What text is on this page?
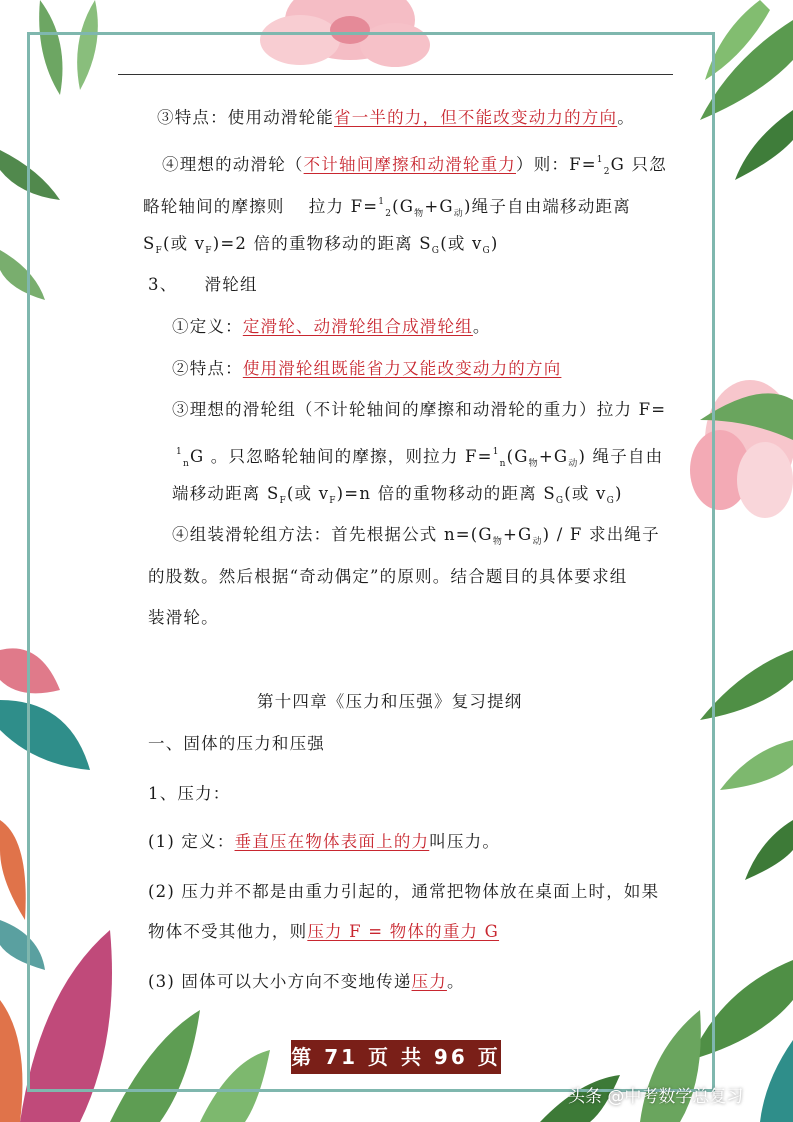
③特点：使用动滑轮能省一半的力，但不能改变动力的方向。
④理想的动滑轮（不计轴间摩擦和动滑轮重力）则：F=$^1_2$G 只忽
略轮轴间的摩擦则　 拉力 $F=^1_2(G_物+G_动)$绳子自由端移动距离
$S_F$(或 $v_F)=2$ 倍的重物移动的距离 $S_G$(或 $v_G$)
3、　　滑轮组
①定义：定滑轮、动滑轮组合成滑轮组。
②特点：使用滑轮组既能省力又能改变动力的方向
③理想的滑轮组（不计轮轴间的摩擦和动滑轮的重力）拉力 F=
$^1_n$G 。只忽略轮轴间的摩擦，则拉力 $F=^1_n(G_物+G_动)$ 绳子自由
端移动距离 $S_F$(或 $v_F)=n$ 倍的重物移动的距离 $S_G$(或 $v_G$)
④组装滑轮组方法：首先根据公式 $n=(G_物+G_动) / F$ 求出绳子
的股数。然后根据“奇动偶定”的原则。结合题目的具体要求组
装滑轮。
第十四章《压力和压强》复习提纲
一、固体的压力和压强
1、压力：
(1) 定义：垂直压在物体表面上的力叫压力。
(2) 压力并不都是由重力引起的，通常把物体放在桌面上时，如果
物体不受其他力，则压力 F = 物体的重力 G
(3) 固体可以大小方向不变地传递压力。
第 71 页 共 96 页
头条 @中考数学总复习
